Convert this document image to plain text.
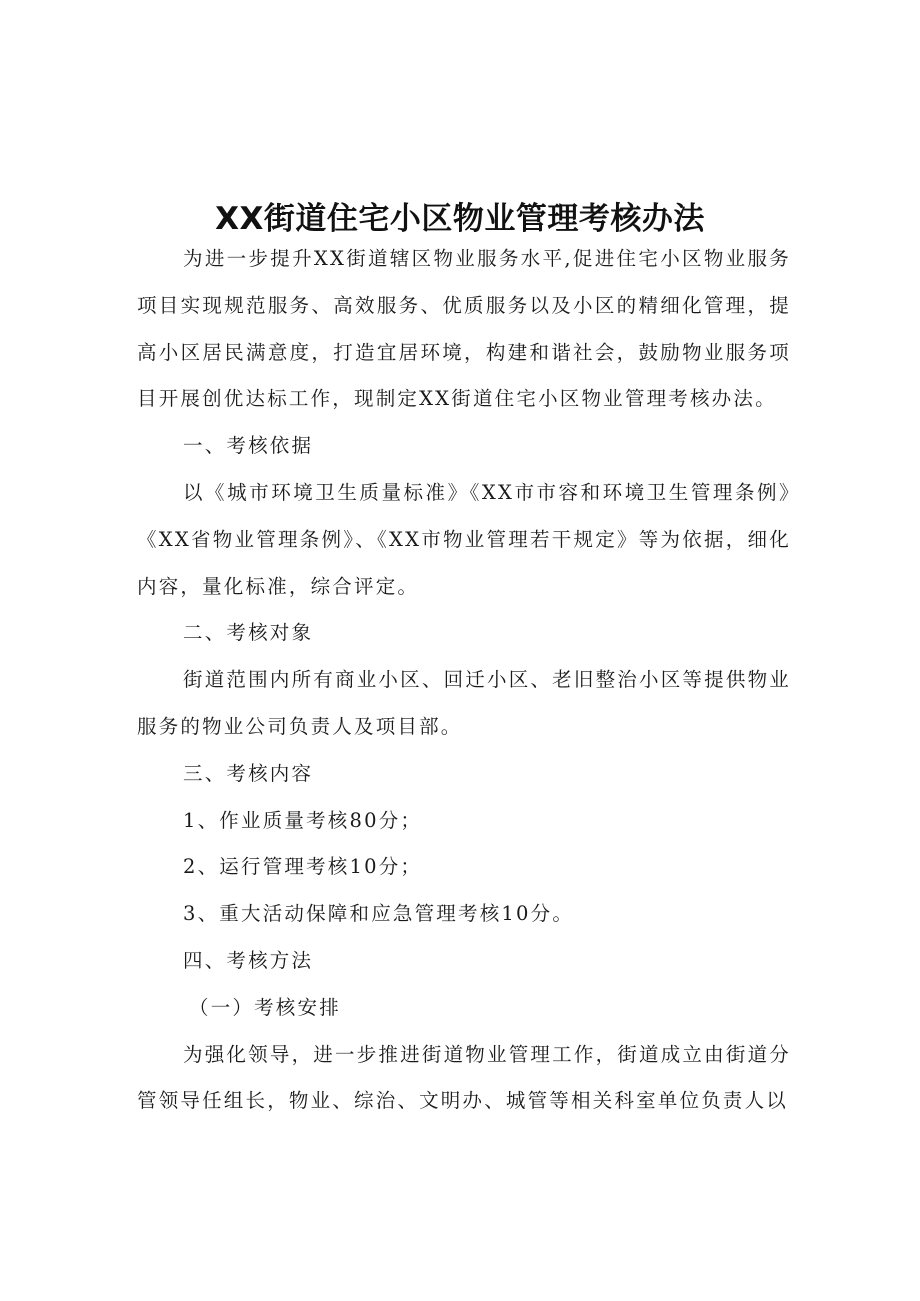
XX街道住宅小区物业管理考核办法

为进一步提升XX街道辖区物业服务水平,促进住宅小区物业服务项目实现规范服务、高效服务、优质服务以及小区的精细化管理，提高小区居民满意度，打造宜居环境，构建和谐社会，鼓励物业服务项目开展创优达标工作，现制定XX街道住宅小区物业管理考核办法。

一、考核依据

以《城市环境卫生质量标准》《XX市市容和环境卫生管理条例》《XX省物业管理条例》、《XX市物业管理若干规定》等为依据，细化内容，量化标准，综合评定。

二、考核对象

街道范围内所有商业小区、回迁小区、老旧整治小区等提供物业服务的物业公司负责人及项目部。

三、考核内容

1、作业质量考核80分；

2、运行管理考核10分；

3、重大活动保障和应急管理考核10分。

四、考核方法

（一）考核安排

为强化领导，进一步推进街道物业管理工作，街道成立由街道分管领导任组长，物业、综治、文明办、城管等相关科室单位负责人以
